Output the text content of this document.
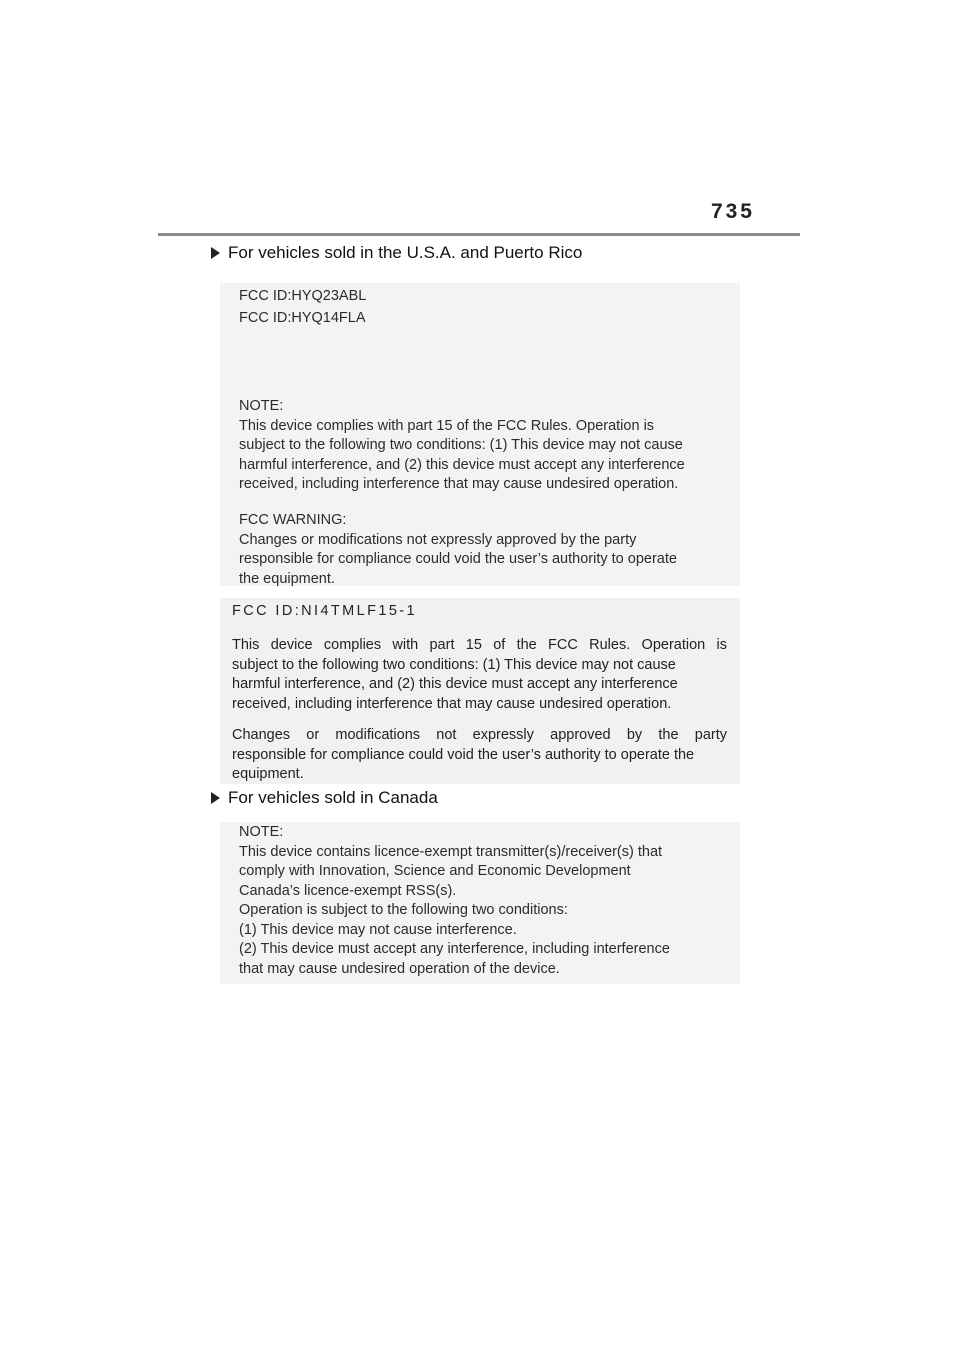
735
For vehicles sold in the U.S.A. and Puerto Rico
FCC ID:HYQ23ABL
FCC ID:HYQ14FLA
NOTE:
This device complies with part 15 of the FCC Rules. Operation is
subject to the following two conditions: (1) This device may not cause
harmful interference, and (2) this device must accept any interference
received, including interference that may cause undesired operation.
FCC WARNING:
Changes or modifications not expressly approved by the party
responsible for compliance could void the user’s authority to operate
the equipment.
FCC ID:NI4TMLF15-1
This device complies with part 15 of the FCC Rules. Operation is
subject to the following two conditions: (1) This device may not cause
harmful interference, and (2) this device must accept any interference
received, including interference that may cause undesired operation.
Changes or modifications not expressly approved by the party
responsible for compliance could void the user’s authority to operate the
equipment.
For vehicles sold in Canada
NOTE:
This device contains licence-exempt transmitter(s)/receiver(s) that
comply with Innovation, Science and Economic Development
Canada’s licence-exempt RSS(s).
Operation is subject to the following two conditions:
(1) This device may not cause interference.
(2) This device must accept any interference, including interference
that may cause undesired operation of the device.
